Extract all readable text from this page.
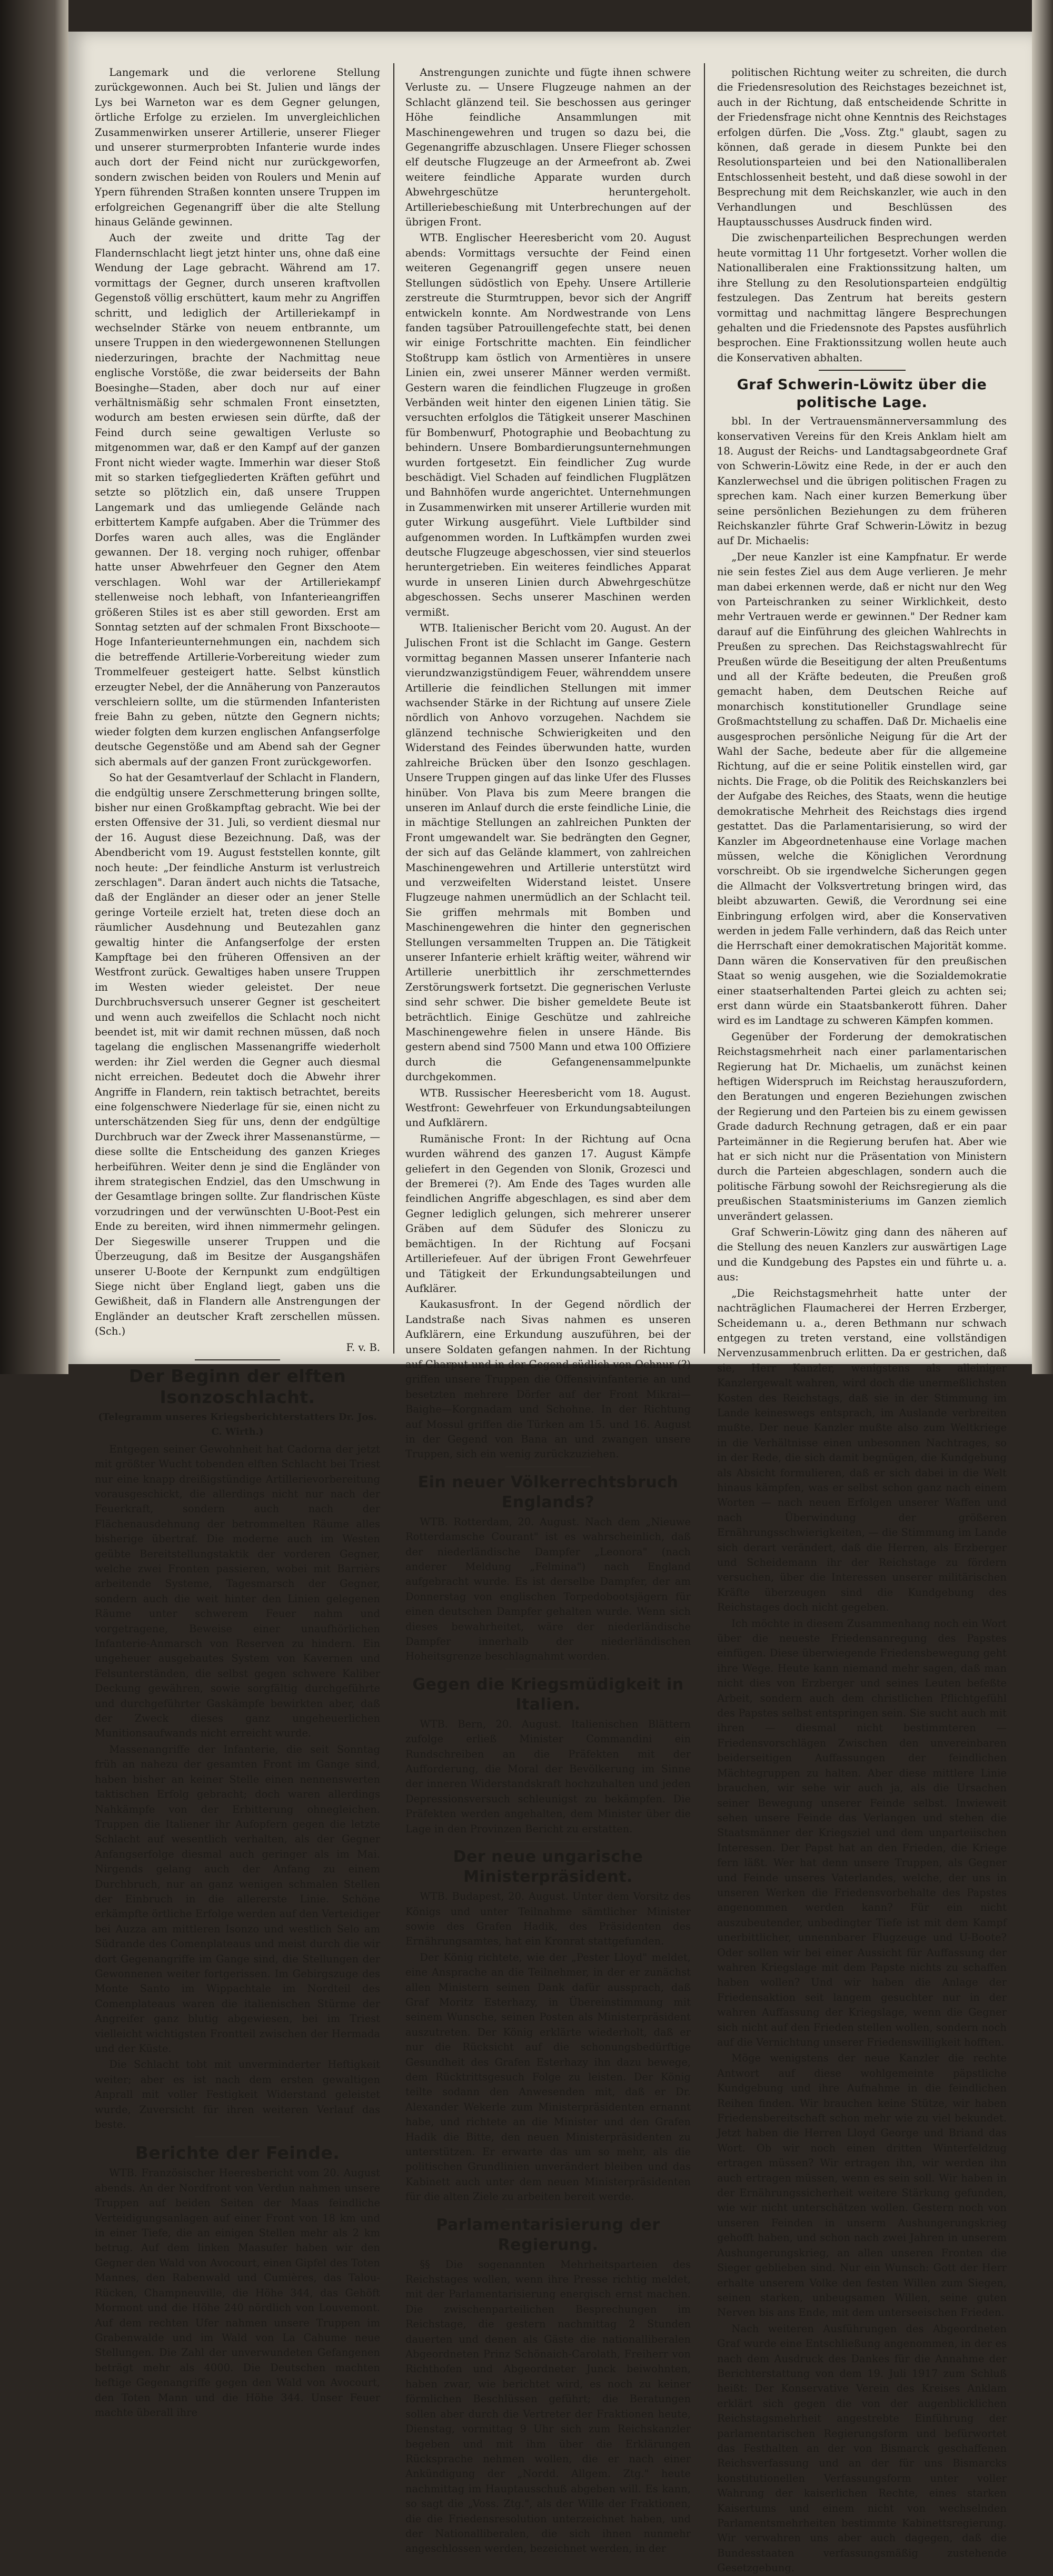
Langemark und die verlorene Stellung zurückgewonnen. Auch bei St. Julien und längs der Lys bei Warneton war es dem Gegner gelungen, örtliche Erfolge zu erzielen. Im unvergleichlichen Zusammenwirken unserer Artillerie, unserer Flieger und unserer sturmerprobten Infanterie wurde indes auch dort der Feind nicht nur zurückgeworfen, sondern zwischen beiden von Roulers und Menin auf Ypern führenden Straßen konnten unsere Truppen im erfolgreichen Gegenangriff über die alte Stellung hinaus Gelände gewinnen.

Auch der zweite und dritte Tag der Flandernschlacht liegt jetzt hinter uns, ohne daß eine Wendung der Lage gebracht. Während am 17. vormittags der Gegner, durch unseren kraftvollen Gegenstoß völlig erschüttert, kaum mehr zu Angriffen schritt, und lediglich der Artilleriekampf in wechselnder Stärke von neuem entbrannte, um unsere Truppen in den wiedergewonnenen Stellungen niederzuringen, brachte der Nachmittag neue englische Vorstöße, die zwar beiderseits der Bahn Boesinghe—Staden, aber doch nur auf einer verhältnismäßig sehr schmalen Front einsetzten, wodurch am besten erwiesen sein dürfte, daß der Feind durch seine gewaltigen Verluste so mitgenommen war, daß er den Kampf auf der ganzen Front nicht wieder wagte. Immerhin war dieser Stoß mit so starken tiefgegliederten Kräften geführt und setzte so plötzlich ein, daß unsere Truppen Langemark und das umliegende Gelände nach erbittertem Kampfe aufgaben. Aber die Trümmer des Dorfes waren auch alles, was die Engländer gewannen. Der 18. verging noch ruhiger, offenbar hatte unser Abwehrfeuer den Gegner den Atem verschlagen. Wohl war der Artilleriekampf stellenweise noch lebhaft, von Infanterieangriffen größeren Stiles ist es aber still geworden. Erst am Sonntag setzten auf der schmalen Front Bixschoote—Hoge Infanterieunternehmungen ein, nachdem sich die betreffende Artillerie-Vorbereitung wieder zum Trommelfeuer gesteigert hatte. Selbst künstlich erzeugter Nebel, der die Annäherung von Panzerautos verschleiern sollte, um die stürmenden Infanteristen freie Bahn zu geben, nützte den Gegnern nichts; wieder folgten dem kurzen englischen Anfangserfolge deutsche Gegenstöße und am Abend sah der Gegner sich abermals auf der ganzen Front zurückgeworfen.

So hat der Gesamtverlauf der Schlacht in Flandern, die endgültig unsere Zerschmetterung bringen sollte, bisher nur einen Großkampftag gebracht. Wie bei der ersten Offensive der 31. Juli, so verdient diesmal nur der 16. August diese Bezeichnung. Daß, was der Abendbericht vom 19. August feststellen konnte, gilt noch heute: „Der feindliche Ansturm ist verlustreich zerschlagen". Daran ändert auch nichts die Tatsache, daß der Engländer an dieser oder an jener Stelle geringe Vorteile erzielt hat, treten diese doch an räumlicher Ausdehnung und Beutezahlen ganz gewaltig hinter die Anfangserfolge der ersten Kampftage bei den früheren Offensiven an der Westfront zurück. Gewaltiges haben unsere Truppen im Westen wieder geleistet. Der neue Durchbruchsversuch unserer Gegner ist gescheitert und wenn auch zweifellos die Schlacht noch nicht beendet ist, mit wir damit rechnen müssen, daß noch tagelang die englischen Massenangriffe wiederholt werden: ihr Ziel werden die Gegner auch diesmal nicht erreichen. Bedeutet doch die Abwehr ihrer Angriffe in Flandern, rein taktisch betrachtet, bereits eine folgenschwere Niederlage für sie, einen nicht zu unterschätzenden Sieg für uns, denn der endgültige Durchbruch war der Zweck ihrer Massenanstürme, — diese sollte die Entscheidung des ganzen Krieges herbeiführen. Weiter denn je sind die Engländer von ihrem strategischen Endziel, das den Umschwung in der Gesamtlage bringen sollte. Zur flandrischen Küste vorzudringen und der verwünschten U-Boot-Pest ein Ende zu bereiten, wird ihnen nimmermehr gelingen. Der Siegeswille unserer Truppen und die Überzeugung, daß im Besitze der Ausgangshäfen unserer U-Boote der Kernpunkt zum endgültigen Siege nicht über England liegt, gaben uns die Gewißheit, daß in Flandern alle Anstrengungen der Engländer an deutscher Kraft zerschellen müssen. (Sch.)

F. v. B.

Der Beginn der elften Isonzoschlacht.
(Telegramm unseres Kriegsberichterstatters Dr. Jos. C. Wirth.)

Entgegen seiner Gewohnheit hat Cadorna der jetzt mit größter Wucht tobenden elften Schlacht bei Triest nur eine knapp dreißigstündige Artillerievorbereitung vorausgeschickt, die allerdings nicht nur nach der Feuerkraft, sondern auch nach der Flächenausdehnung der betrommelten Räume alles bisherige übertraf. Die moderne auch im Westen geübte Bereitstellungstaktik der vorderen Gegner, welche zwei Fronten passieren, wobei mit Barrièrs arbeitende Systeme, Tagesmarsch der Gegner, sondern auch die weit hinter den Linien gelegenen Räume unter schwerem Feuer nahm und vorgetragene, Beweise einer unaufhörlichen Infanterie-Anmarsch von Reserven zu hindern. Ein ungeheuer ausgebautes System von Kavernen und Felsunterständen, die selbst gegen schwere Kaliber Deckung gewähren, sowie sorgfältig durchgeführte und durchgeführter Gaskämpfe bewirkten aber, daß der Zweck dieses ganz ungeheuerlichen Munitionsaufwands nicht erreicht wurde.

Massenangriffe der Infanterie, die seit Sonntag früh an nahezu der gesamten Front im Gange sind, haben bisher an keiner Stelle einen nennenswerten taktischen Erfolg gebracht; doch waren allerdings Nahkämpfe von der Erbitterung ohnegleichen. Truppen die Italiener ihr Aufopfern gegen die letzte Schlacht auf wesentlich verhalten, als der Gegner Anfangserfolge diesmal auch geringer als im Mai. Nirgends gelang auch der Anfang zu einem Durchbruch, nur an ganz wenigen schmalen Stellen der Einbruch in die allererste Linie. Schöne erkämpfte örtliche Erfolge werden auf den Verteidiger bei Auzza am mittleren Isonzo und westlich Selo am Südrande des Comenplateaus und meist durch die wir dort Gegenangriffe im Gange sind, die Stellungen der Gewonnenen weiter fortgerissen. Im Gebirgszuge des Monte Santo im Wippachtale im Nordteil des Comenplateaus waren die italienischen Stürme der Angreifer ganz blutig abgewiesen, bei im Triest vielleicht wichtigsten Frontteil zwischen der Hermada und der Küste.

Die Schlacht tobt mit unverminderter Heftigkeit weiter; aber es ist nach dem ersten gewaltigen Anprall mit voller Festigkeit Widerstand geleistet wurde, Zuversicht für ihren weiteren Verlauf das beste.

Berichte der Feinde.

WTB. Französischer Heeresbericht vom 20. August abends. An der Nordfront von Verdun nahmen unsere Truppen auf beiden Seiten der Maas feindliche Verteidigungsanlagen auf einer Front von 18 km und in einer Tiefe, die an einigen Stellen mehr als 2 km betrug. Auf dem linken Maasufer haben wir den Gegner den Wald von Avocourt, einen Gipfel des Toten Mannes, den Rabenwald und Cumières, das Talou-Rücken, Champneuville, die Höhe 344, das Gehöft Mormont und die Höhe 240 nördlich von Louvemont. Auf dem rechten Ufer nahmen unsere Truppen im Grabenwalde und im Wald von La Cahume neue Stellungen. Die Zahl der unverwundeten Gefangenen beträgt mehr als 4000. Die Deutschen machten heftige Gegenangriffe gegen den Wald von Avocourt, den Toten Mann und die Höhe 344. Unser Feuer machte überall ihre

Anstrengungen zunichte und fügte ihnen schwere Verluste zu. — Unsere Flugzeuge nahmen an der Schlacht glänzend teil. Sie beschossen aus geringer Höhe feindliche Ansammlungen mit Maschinengewehren und trugen so dazu bei, die Gegenangriffe abzuschlagen. Unsere Flieger schossen elf deutsche Flugzeuge an der Armeefront ab. Zwei weitere feindliche Apparate wurden durch Abwehrgeschütze heruntergeholt. Artilleriebeschießung mit Unterbrechungen auf der übrigen Front.

WTB. Englischer Heeresbericht vom 20. August abends: Vormittags versuchte der Feind einen weiteren Gegenangriff gegen unsere neuen Stellungen südöstlich von Epehy. Unsere Artillerie zerstreute die Sturmtruppen, bevor sich der Angriff entwickeln konnte. Am Nordwestrande von Lens fanden tagsüber Patrouillengefechte statt, bei denen wir einige Fortschritte machten. Ein feindlicher Stoßtrupp kam östlich von Armentières in unsere Linien ein, zwei unserer Männer werden vermißt. Gestern waren die feindlichen Flugzeuge in großen Verbänden weit hinter den eigenen Linien tätig. Sie versuchten erfolglos die Tätigkeit unserer Maschinen für Bombenwurf, Photographie und Beobachtung zu behindern. Unsere Bombardierungsunternehmungen wurden fortgesetzt. Ein feindlicher Zug wurde beschädigt. Viel Schaden auf feindlichen Flugplätzen und Bahnhöfen wurde angerichtet. Unternehmungen in Zusammenwirken mit unserer Artillerie wurden mit guter Wirkung ausgeführt. Viele Luftbilder sind aufgenommen worden. In Luftkämpfen wurden zwei deutsche Flugzeuge abgeschossen, vier sind steuerlos heruntergetrieben. Ein weiteres feindliches Apparat wurde in unseren Linien durch Abwehrgeschütze abgeschossen. Sechs unserer Maschinen werden vermißt.

WTB. Italienischer Bericht vom 20. August. An der Julischen Front ist die Schlacht im Gange. Gestern vormittag begannen Massen unserer Infanterie nach vierundzwanzigstündigem Feuer, währenddem unsere Artillerie die feindlichen Stellungen mit immer wachsender Stärke in der Richtung auf unsere Ziele nördlich von Anhovo vorzugehen. Nachdem sie glänzend technische Schwierigkeiten und den Widerstand des Feindes überwunden hatte, wurden zahlreiche Brücken über den Isonzo geschlagen. Unsere Truppen gingen auf das linke Ufer des Flusses hinüber. Von Plava bis zum Meere brangen die unseren im Anlauf durch die erste feindliche Linie, die in mächtige Stellungen an zahlreichen Punkten der Front umgewandelt war. Sie bedrängten den Gegner, der sich auf das Gelände klammert, von zahlreichen Maschinengewehren und Artillerie unterstützt wird und verzweifelten Widerstand leistet. Unsere Flugzeuge nahmen unermüdlich an der Schlacht teil. Sie griffen mehrmals mit Bomben und Maschinengewehren die hinter den gegnerischen Stellungen versammelten Truppen an. Die Tätigkeit unserer Infanterie erhielt kräftig weiter, während wir Artillerie unerbittlich ihr zerschmetterndes Zerstörungswerk fortsetzt. Die gegnerischen Verluste sind sehr schwer. Die bisher gemeldete Beute ist beträchtlich. Einige Geschütze und zahlreiche Maschinengewehre fielen in unsere Hände. Bis gestern abend sind 7500 Mann und etwa 100 Offiziere durch die Gefangenensammelpunkte durchgekommen.

WTB. Russischer Heeresbericht vom 18. August. Westfront: Gewehrfeuer von Erkundungsabteilungen und Aufklärern.

Rumänische Front: In der Richtung auf Ocna wurden während des ganzen 17. August Kämpfe geliefert in den Gegenden von Slonik, Grozesci und der Bremerei (?). Am Ende des Tages wurden alle feindlichen Angriffe abgeschlagen, es sind aber dem Gegner lediglich gelungen, sich mehrerer unserer Gräben auf dem Südufer des Sloniczu zu bemächtigen. In der Richtung auf Focșani Artilleriefeuer. Auf der übrigen Front Gewehrfeuer und Tätigkeit der Erkundungsabteilungen und Aufklärer.

Kaukasusfront. In der Gegend nördlich der Landstraße nach Sivas nahmen es unseren Aufklärern, eine Erkundung auszuführen, bei der unsere Soldaten gefangen nahmen. In der Richtung auf Charput und in der Gegend südlich von Ochnur (?) griffen unsere Truppen die Offensivinfanterie an und besetzten mehrere Dörfer auf der Front Mikrai—Baighe—Korgnadam und Schohne. In der Richtung auf Mossul griffen die Türken am 15. und 16. August in der Gegend von Bana an und zwangen unsere Truppen, sich ein wenig zurückzuziehen.

Ein neuer Völkerrechtsbruch Englands?

WTB. Rotterdam, 20. August. Nach dem „Nieuwe Rotterdamsche Courant" ist es wahrscheinlich, daß der niederländische Dampfer „Leonora" (nach anderer Meldung „Felmina") nach England aufgebracht wurde. Es ist derselbe Dampfer, der am Donnerstag von englischen Torpedobootsjägern für einen deutschen Dampfer gehalten wurde. Wenn sich dieses bewahrheitet, wäre der niederländische Dampfer innerhalb der niederländischen Hoheitsgrenze beschlagnahmt worden.

Gegen die Kriegsmüdigkeit in Italien.

WTB. Bern, 20. August. Italienischen Blättern zufolge erließ Minister Commandini ein Rundschreiben an die Präfekten mit der Aufforderung, die Moral der Bevölkerung im Sinne der inneren Widerstandskraft hochzuhalten und jeden Depressionsversuch schleunigst zu bekämpfen. Die Präfekten werden angehalten, dem Minister über die Lage in den Provinzen Bericht zu erstatten.

Der neue ungarische Ministerpräsident.

WTB. Budapest, 20. August. Unter dem Vorsitz des Königs und unter Teilnahme sämtlicher Minister sowie des Grafen Hadik, des Präsidenten des Ernährungsamtes, hat ein Kronrat stattgefunden.

Der König richtete, wie der „Pester Lloyd" meldet, eine Ansprache an die Teilnehmer, in der er zunächst allen Ministern seinen Dank dafür aussprach, daß Graf Moritz Esterhazy, in Übereinstimmung mit seinem Wunsche, seinen Posten als Ministerpräsident auszutreten. Der König erklärte wiederholt, daß er nur die Rücksicht auf die schonungsbedürftige Gesundheit des Grafen Esterhazy ihn dazu bewege, dem Rücktrittsgesuch Folge zu leisten. Der König teilte sodann den Anwesenden mit, daß er Dr. Alexander Wekerle zum Ministerpräsidenten ernannt habe, und richtete an die Minister und den Grafen Hadik die Bitte, den neuen Ministerpräsidenten zu unterstützen. Er erwarte das um so mehr, als die politischen Grundlinien unverändert bleiben und das Kabinett auch unter dem neuen Ministerpräsidenten für die alten Ziele zu arbeiten bereit werde.

Parlamentarisierung der Regierung.

§§ Die sogenannten Mehrheitsparteien des Reichstages wollen, wenn ihre Presse richtig meldet, mit der Parlamentarisierung energisch ernst machen. Die zwischenparteilichen Besprechungen im Reichstage, die gestern nachmittag 2 Stunden dauerten und denen als Gäste die nationalliberalen Abgeordneten Prinz Schönaich-Carolath, Freiherr von Richthofen und Abgeordneter Junck beiwohnten, haben zwar, wie berichtet wird, es noch zu keiner förmlichen Beschlüssen geführt; die Beratungen sollen aber durch die Vertreter der Fraktionen heute, Dienstag, vormittag 9 Uhr sich zum Reichskanzler begeben und mit ihm über die Erklärungen Rücksprache nehmen wollen, die er nach einer Ankündigung der „Nordd. Allgem. Ztg." heute nachmittag im Hauptausschuß abgeben will. Es kann, so sagt die „Voss. Ztg.", als der Wille der Fraktionen, die die Friedensresolution unterzeichnet haben, und der Nationalliberalen, die sich ihnen nunmehr angeschlossen werden, bezeichnet werden, in der

politischen Richtung weiter zu schreiten, die durch die Friedensresolution des Reichstages bezeichnet ist, auch in der Richtung, daß entscheidende Schritte in der Friedensfrage nicht ohne Kenntnis des Reichstages erfolgen dürfen. Die „Voss. Ztg." glaubt, sagen zu können, daß gerade in diesem Punkte bei den Resolutionsparteien und bei den Nationalliberalen Entschlossenheit besteht, und daß diese sowohl in der Besprechung mit dem Reichskanzler, wie auch in den Verhandlungen und Beschlüssen des Hauptausschusses Ausdruck finden wird.

Die zwischenparteilichen Besprechungen werden heute vormittag 11 Uhr fortgesetzt. Vorher wollen die Nationalliberalen eine Fraktionssitzung halten, um ihre Stellung zu den Resolutionsparteien endgültig festzulegen. Das Zentrum hat bereits gestern vormittag und nachmittag längere Besprechungen gehalten und die Friedensnote des Papstes ausführlich besprochen. Eine Fraktionssitzung wollen heute auch die Konservativen abhalten.

Graf Schwerin-Löwitz über die politische Lage.

bbl. In der Vertrauensmännerversammlung des konservativen Vereins für den Kreis Anklam hielt am 18. August der Reichs- und Landtagsabgeordnete Graf von Schwerin-Löwitz eine Rede, in der er auch den Kanzlerwechsel und die übrigen politischen Fragen zu sprechen kam. Nach einer kurzen Bemerkung über seine persönlichen Beziehungen zu dem früheren Reichskanzler führte Graf Schwerin-Löwitz in bezug auf Dr. Michaelis:

„Der neue Kanzler ist eine Kampfnatur. Er werde nie sein festes Ziel aus dem Auge verlieren. Je mehr man dabei erkennen werde, daß er nicht nur den Weg von Parteischranken zu seiner Wirklichkeit, desto mehr Vertrauen werde er gewinnen." Der Redner kam darauf auf die Einführung des gleichen Wahlrechts in Preußen zu sprechen. Das Reichstagswahlrecht für Preußen würde die Beseitigung der alten Preußentums und all der Kräfte bedeuten, die Preußen groß gemacht haben, dem Deutschen Reiche auf monarchisch konstitutioneller Grundlage seine Großmachtstellung zu schaffen. Daß Dr. Michaelis eine ausgesprochen persönliche Neigung für die Art der Wahl der Sache, bedeute aber für die allgemeine Richtung, auf die er seine Politik einstellen wird, gar nichts. Die Frage, ob die Politik des Reichskanzlers bei der Aufgabe des Reiches, des Staats, wenn die heutige demokratische Mehrheit des Reichstags dies irgend gestattet. Das die Parlamentarisierung, so wird der Kanzler im Abgeordnetenhause eine Vorlage machen müssen, welche die Königlichen Verordnung vorschreibt. Ob sie irgendwelche Sicherungen gegen die Allmacht der Volksvertretung bringen wird, das bleibt abzuwarten. Gewiß, die Verordnung sei eine Einbringung erfolgen wird, aber die Konservativen werden in jedem Falle verhindern, daß das Reich unter die Herrschaft einer demokratischen Majorität komme. Dann wären die Konservativen für den preußischen Staat so wenig ausgehen, wie die Sozialdemokratie einer staatserhaltenden Partei gleich zu achten sei; erst dann würde ein Staatsbankerott führen. Daher wird es im Landtage zu schweren Kämpfen kommen.

Gegenüber der Forderung der demokratischen Reichstagsmehrheit nach einer parlamentarischen Regierung hat Dr. Michaelis, um zunächst keinen heftigen Widerspruch im Reichstag herauszufordern, den Beratungen und engeren Beziehungen zwischen der Regierung und den Parteien bis zu einem gewissen Grade dadurch Rechnung getragen, daß er ein paar Parteimänner in die Regierung berufen hat. Aber wie hat er sich nicht nur die Präsentation von Ministern durch die Parteien abgeschlagen, sondern auch die politische Färbung sowohl der Reichsregierung als die preußischen Staatsministeriums im Ganzen ziemlich unverändert gelassen.

Graf Schwerin-Löwitz ging dann des näheren auf die Stellung des neuen Kanzlers zur auswärtigen Lage und die Kundgebung des Papstes ein und führte u. a. aus:

„Die Reichstagsmehrheit hatte unter der nachträglichen Flaumacherei der Herren Erzberger, Scheidemann u. a., deren Bethmann nur schwach entgegen zu treten verstand, eine vollständigen Nervenzusammenbruch erlitten. Da er gestrichen, daß sie, Herr Kanzler, wenigstens als alleiniger Kanzlergewalt wahren, wird doch die unermeßlichsten Kosten des Reichstags, daß sie in der Stimmung im Lande keineswegs entsprach, im Auslande verbreiten mußte. Der neue Kanzler mußte also zum Weltkriege in die Verhältnisse einen unbesonnen Nachtrages, so in der Rede, die sich damit begnügen, die Kundgebung als Absicht formulieren, daß er sich dabei in die Welt hinaus kämpfen, was er selbst schon ganz nach einem Worten — nach neuen Erfolgen unserer Waffen und nach Überwindung der größeren Ernährungsschwierigkeiten, — die Stimmung im Lande sich derart verändert, daß die Herren, als Erzberger und Scheidemann ihr der Reichstage zu fördern versuchen, über die Interessen unserer militärischen Kräfte überzeugen sind die Kundgebung des Reichstages doch nicht gegeben.

Ich möchte in diesem Zusammenhang noch ein Wort über die neueste Friedensanregung des Papstes einfügen. Diese überwiegende Friedensbewegung geht ihre Wege. Heute kann niemand mehr sagen, daß man nicht dies von Erzberger und seines Leuten befeßte Arbeit, sondern auch dem christlichen Pflichtgefühl des Papstes selbst entspringen sein. Sie sucht auch mit ihren — diesmal nicht bestimmteren — Friedensvorschlägen Zwischen den unvereinbaren beiderseitigen Auffassungen der feindlichen Mächtegruppen zu halten. Aber diese mittlere Linie brauchen, wir sehe wir auch ja, als die Ursachen seiner Bewegung unserer Feinde selbst. Inwieweit sehen unsere Feinde das Verlangen und stehen die Staatsmänner der Kriegsziel und dem unparteiischen Interessen. Der Papst hat an den Frieden, die Kriege fern läßt. Wer hat denn unsere Truppen, als Gegner und Feinde unseres Vaterlandes, welche, der uns in unseren Werken die Friedensvorbehalte des Papstes angenommen werden kann? Für ein nicht auszubeutender, unbedingter Tiefe ist mit dem Kampf unerbittlicher, unnennbarer Flugzeuge und U-Boote? Oder sollen wir bei einer Aussicht für Auffassung der wahren Kriegslage mit dem Papste nichts zu schaffen haben wollen? Und wir haben die Anlage der Friedensaktion seit langem gesuchter nur in der wahren Auffassung der Kriegslage, wenn die Gegner sich nicht auf den Frieden stellen wollen, sondern noch auf die Vernichtung unserer Friedenswilligkeit hofften.

Möge wenigstens der neue Kanzler die rechte Antwort auf diese wohlgemeinte päpstliche Kundgebung und ihre Aufnahme in die feindlichen Reihen finden. Wir brauchen keine Stütze, wir haben Friedensbereitschaft schon mehr wie zu viel bekundet. Jetzt haben die Herren Lloyd George und Briand das Wort. Ob wir noch einen dritten Winterfeldzug ertragen müssen? Wir ertragen ihn, wir werden ihn auch ertragen müssen, wenn es sein soll. Wir haben in der Ernährungssicherheit weitere Stärkung gefunden, wie wir nicht unterschätzen wollen. Gestern noch von unseren Feinden in unserm Aushungerungskrieg gehofft haben, und schon nach zwei Jahren in unserem Aushungerungskrieg, an allen unseren Fronten die Sieger geblieben sind. Nur ein Wunsch: Gott der Herr erhalte unserem Volke den festen Willen zum Siegen, seinen starken, unbeugsamen Willen, seine guten Nerven bis ans Ende, mit dem unterseeischen Frieden.

Nach weiteren Ausführungen des Abgeordneten Graf wurde eine Entschließung angenommen, in der es nach dem Ausdruck des Dankes für die Annahme der Berichterstattung von dem 19. Juli 1917 zum Schluß heißt: Der Konservative Verein des Kreises Anklam erklärt sich gegen die von der augenblicklichen Reichstagsmehrheit angestrebte Einführung der parlamentarischen Regierungsform und befürwortet das Festhalten an der von Bismarck geschaffenen Reichsverfassung und an der für uns Bismarcks konstitutionellen Verfassungsform unter voller Wahrung der kaiserlichen Rechte, eines starken Kaisertums und einem nicht von wechselnden Parlamentsmehrheiten bestimmte Kabinettsregierung. Wir verwahren uns aber auch dagegen, daß die Bundesstaaten verfassungsmäßig zustehende Gesetzgebung.
